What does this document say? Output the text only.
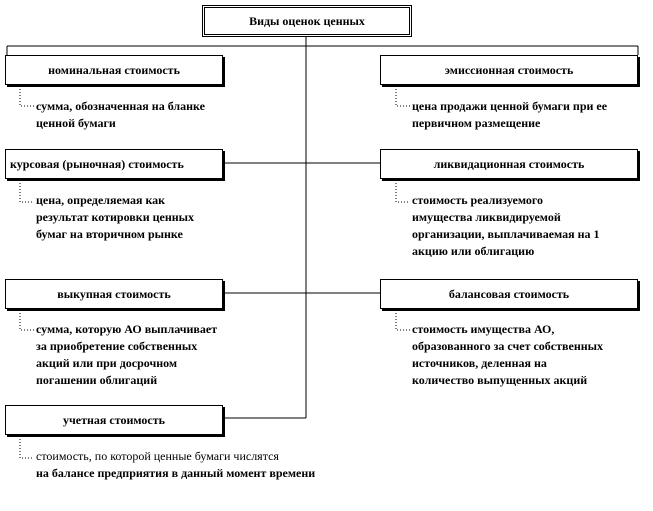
Виды оценок ценных
номинальная стоимость	эмиссионная стоимость
сумма, обозначенная на бланке
ценной бумаги
цена продажи ценной бумаги при ее
первичном размещение
курсовая (рыночная) стоимость	ликвидационная стоимость
цена, определяемая как
результат котировки ценных
бумаг на вторичном рынке
стоимость реализуемого
имущества ликвидируемой
организации, выплачиваемая на 1
акцию или облигацию
выкупная стоимость	балансовая стоимость
сумма, которую АО выплачивает
за приобретение собственных
акций или при досрочном
погашении облигаций
стоимость имущества АО,
образованного за счет собственных
источников, деленная на
количество выпущенных акций
учетная стоимость
стоимость, по которой ценные бумаги числятся
на балансе предприятия в данный момент времени
